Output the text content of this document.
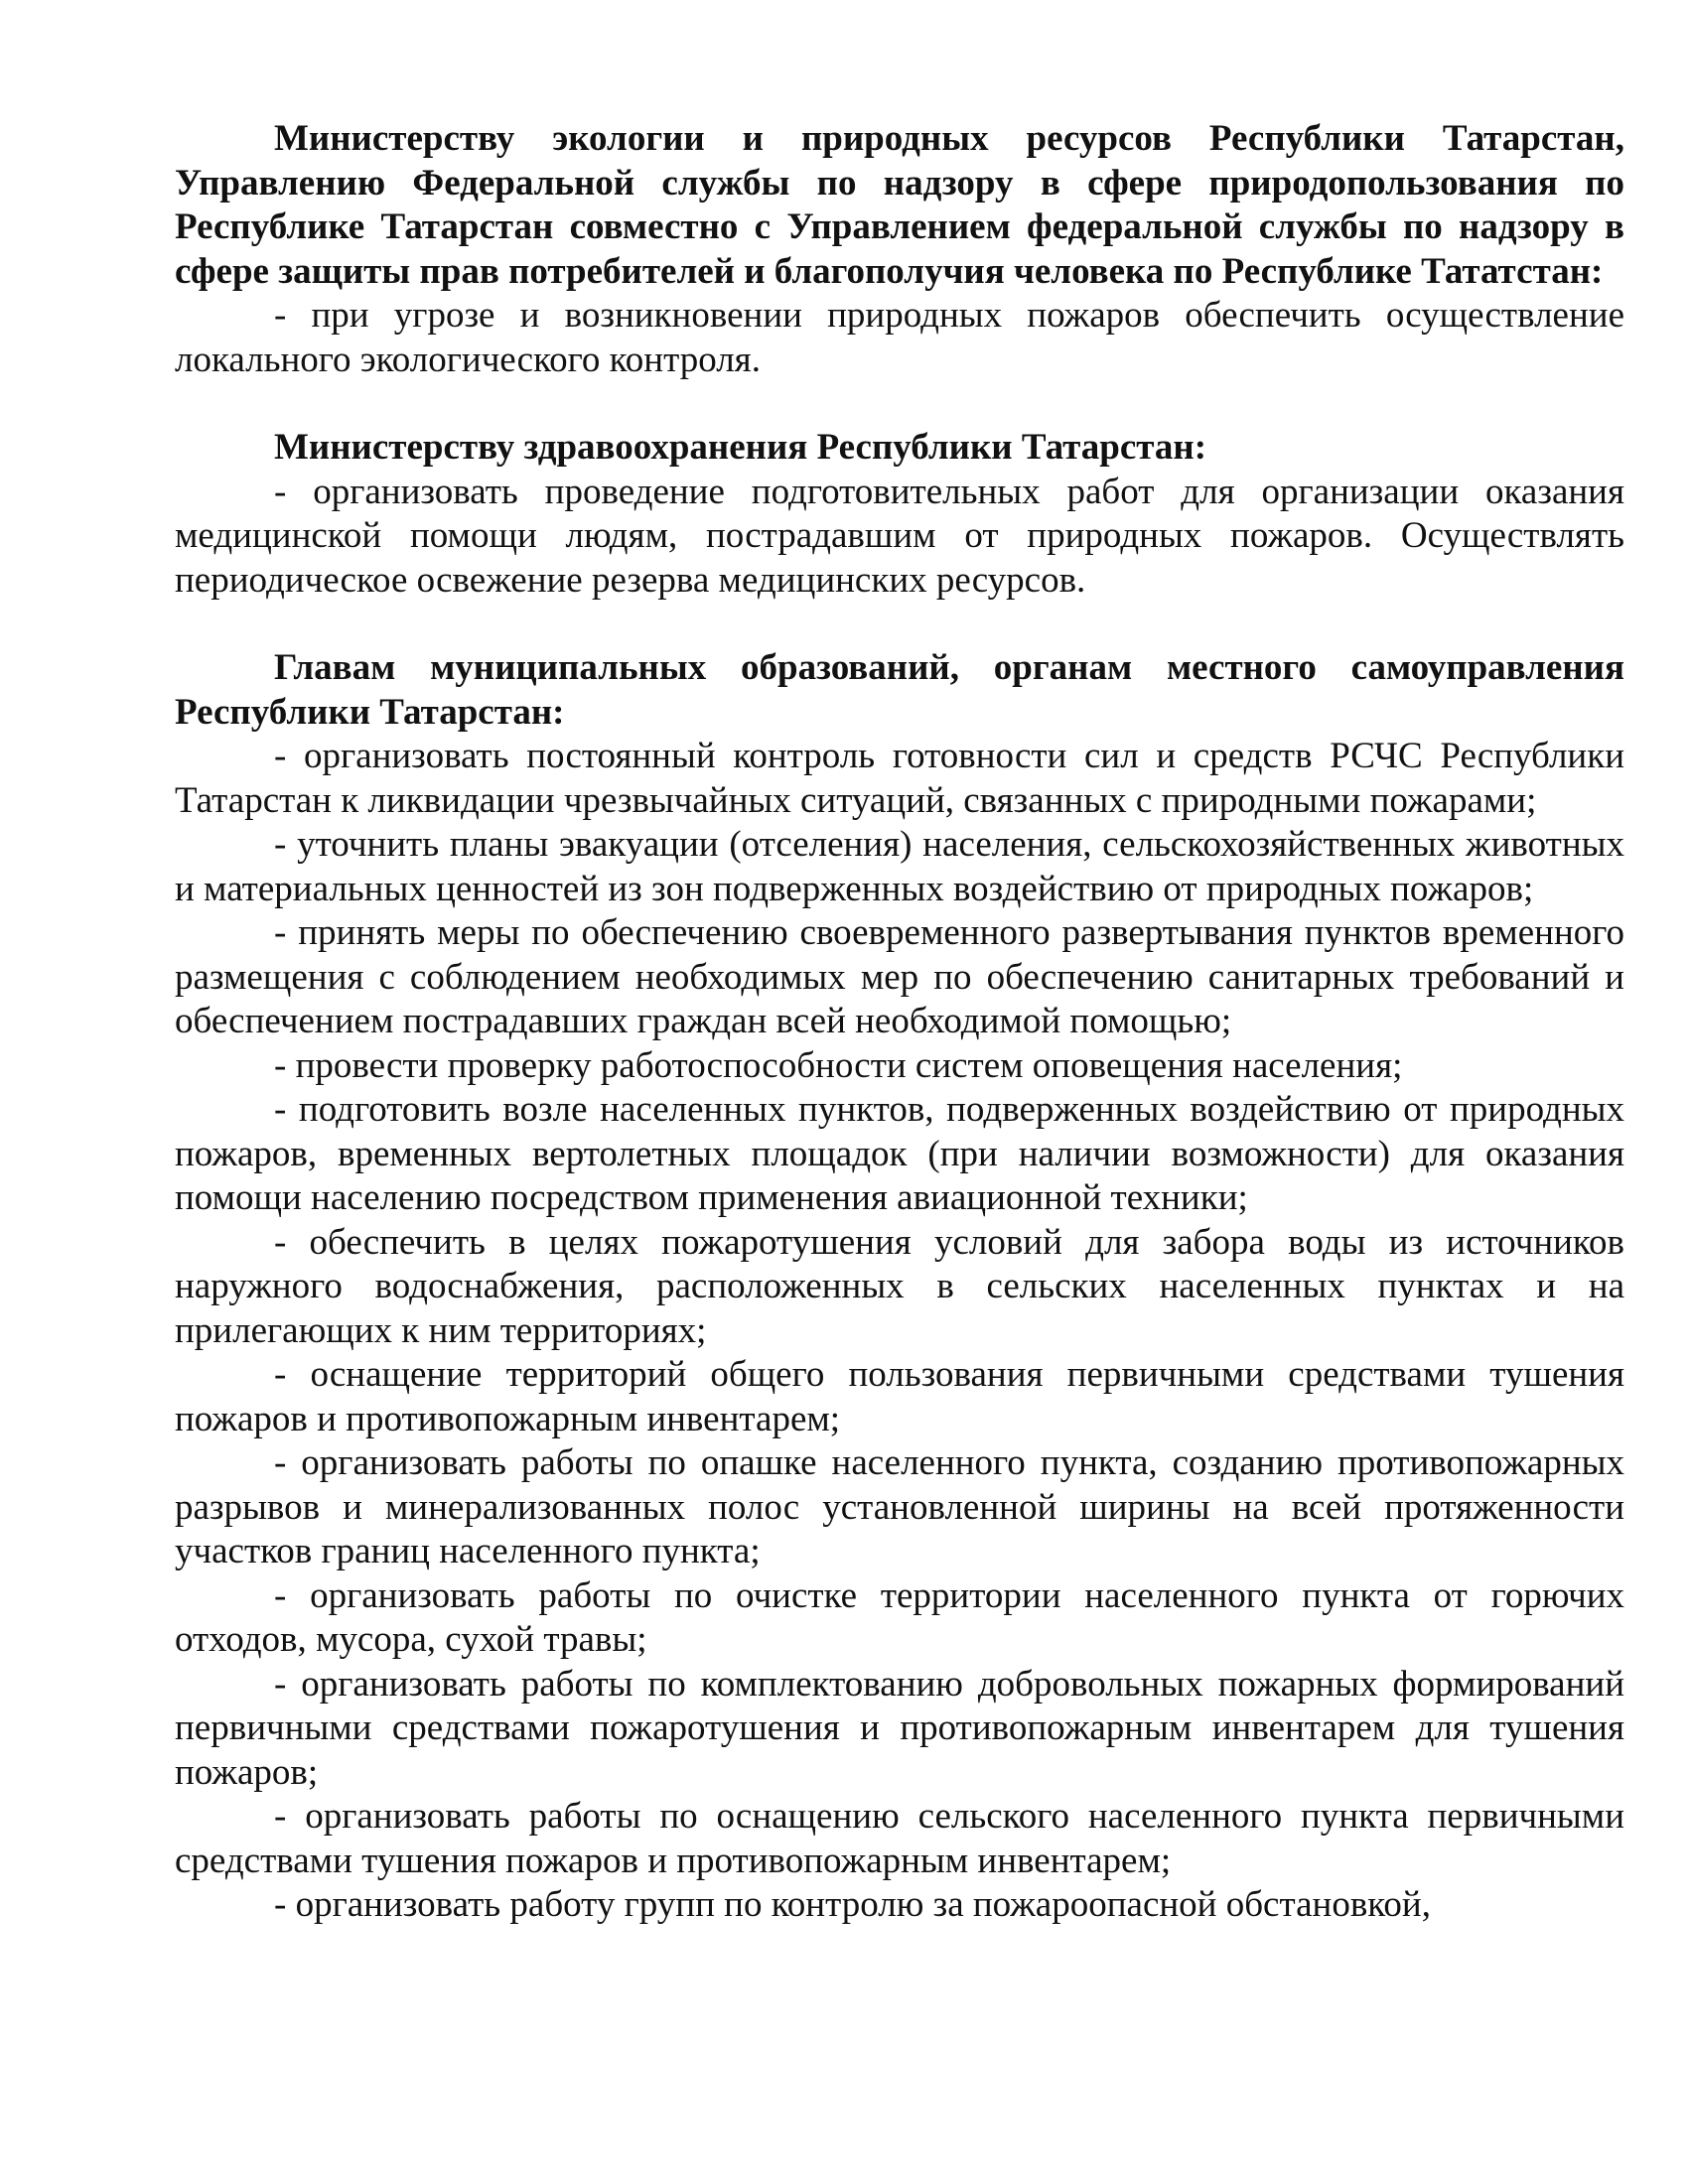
Министерству экологии и природных ресурсов Республики Татарстан, Управлению Федеральной службы по надзору в сфере природопользования по Республике Татарстан совместно с Управлением федеральной службы по надзору в сфере защиты прав потребителей и благополучия человека по Республике Тататстан:

- при угрозе и возникновении природных пожаров обеспечить осуществление локального экологического контроля.

Министерству здравоохранения Республики Татарстан:

- организовать проведение подготовительных работ для организации оказания медицинской помощи людям, пострадавшим от природных пожаров. Осуществлять периодическое освежение резерва медицинских ресурсов.

Главам муниципальных образований, органам местного самоуправления Республики Татарстан:

- организовать постоянный контроль готовности сил и средств РСЧС Республики Татарстан к ликвидации чрезвычайных ситуаций, связанных с природными пожарами;

- уточнить планы эвакуации (отселения) населения, сельскохозяйственных животных и материальных ценностей из зон подверженных воздействию от природных пожаров;

- принять меры по обеспечению своевременного развертывания пунктов временного размещения с соблюдением необходимых мер по обеспечению санитарных требований и обеспечением пострадавших граждан всей необходимой помощью;

- провести проверку работоспособности систем оповещения населения;

- подготовить возле населенных пунктов, подверженных воздействию от природных пожаров, временных вертолетных площадок (при наличии возможности) для оказания помощи населению посредством применения авиационной техники;

- обеспечить в целях пожаротушения условий для забора воды из источников наружного водоснабжения, расположенных в сельских населенных пунктах и на прилегающих к ним территориях;

- оснащение территорий общего пользования первичными средствами тушения пожаров и противопожарным инвентарем;

- организовать работы по опашке населенного пункта, созданию противопожарных разрывов и минерализованных полос установленной ширины на всей протяженности участков границ населенного пункта;

- организовать работы по очистке территории населенного пункта от горючих отходов, мусора, сухой травы;

- организовать работы по комплектованию добровольных пожарных формирований первичными средствами пожаротушения и противопожарным инвентарем для тушения пожаров;

- организовать работы по оснащению сельского населенного пункта первичными средствами тушения пожаров и противопожарным инвентарем;

- организовать работу групп по контролю за пожароопасной обстановкой,
